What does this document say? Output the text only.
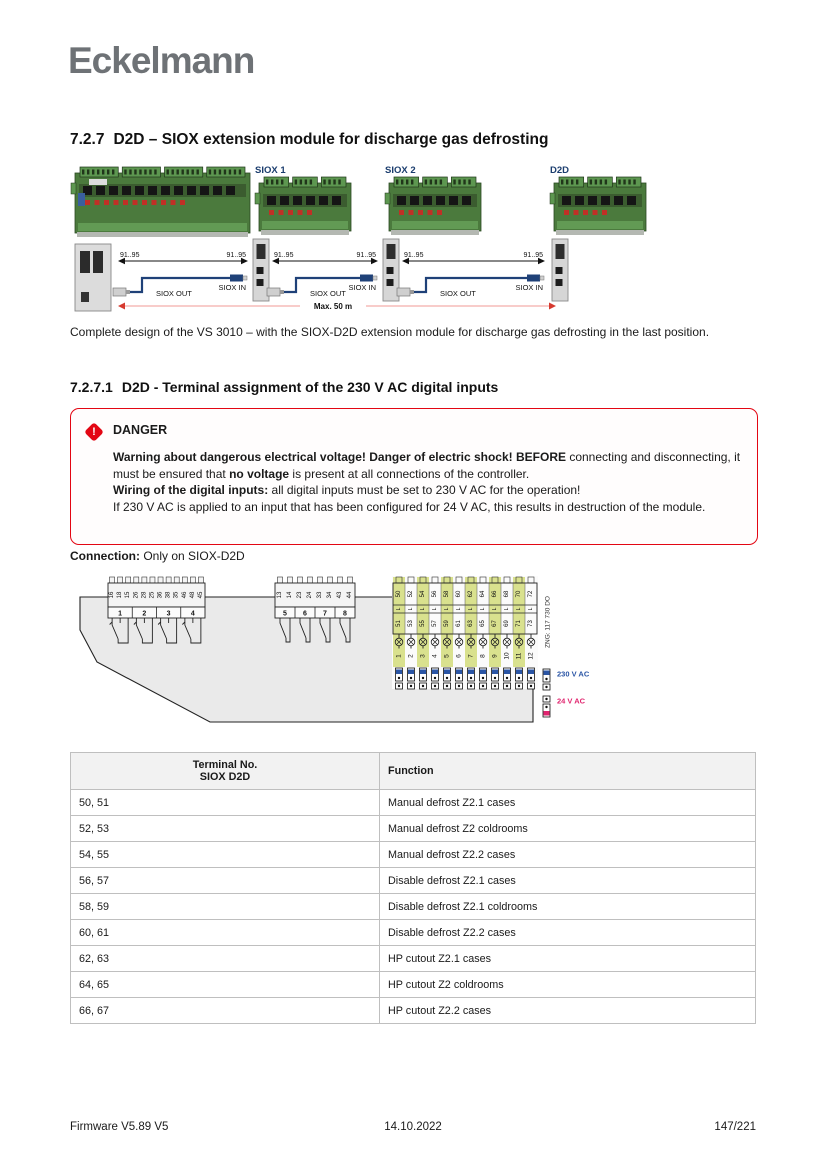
Eckelmann
7.2.7 D2D – SIOX extension module for discharge gas defrosting
SIOX 1	SIOX 2	D2D
91..95	91..95
SIOX OUT
SIOX IN
91..95	91..95
SIOX OUT
SIOX IN
91..95	91..95
SIOX OUT
SIOX IN
Max. 50 m
Complete design of the VS 3010 – with the SIOX-D2D extension module for discharge gas defrosting in the last position.
7.2.7.1 D2D - Terminal assignment of the 230 V AC digital inputs
!	DANGER
Warning about dangerous electrical voltage! Danger of electric shock! BEFORE connecting and disconnecting, it must be ensured that no voltage is present at all connections of the controller.
Wiring of the digital inputs: all digital inputs must be set to 230 V AC for the operation!
If 230 V AC is applied to an input that has been configured for 24 V AC, this results in destruction of the module.
Connection: Only on SIOX-D2D
16 18 15 26 28 25 36 38 35 46 48 45
1	2	3	4
13 14 23 24 33 34 43 44
5 6 7 8
50
L
51
1
52
L
53
2
54
L
55
3
56
L
57
4
58
L
59
5
60
L
61
6
62
L
63
7
64
L
65
8
66
L
67
9
68
L
69
10
70
L
71
11
72
L
73
12
ZNG: 117 730 DO
230 V AC
24 V AC
Terminal No.
SIOX D2D	Function
50, 51	Manual defrost Z2.1 cases
52, 53	Manual defrost Z2 coldrooms
54, 55	Manual defrost Z2.2 cases
56, 57	Disable defrost Z2.1 cases
58, 59	Disable defrost Z2.1 coldrooms
60, 61	Disable defrost Z2.2 cases
62, 63	HP cutout Z2.1 cases
64, 65	HP cutout Z2 coldrooms
66, 67	HP cutout Z2.2 cases
Firmware V5.89 V5	14.10.2022	147/221
